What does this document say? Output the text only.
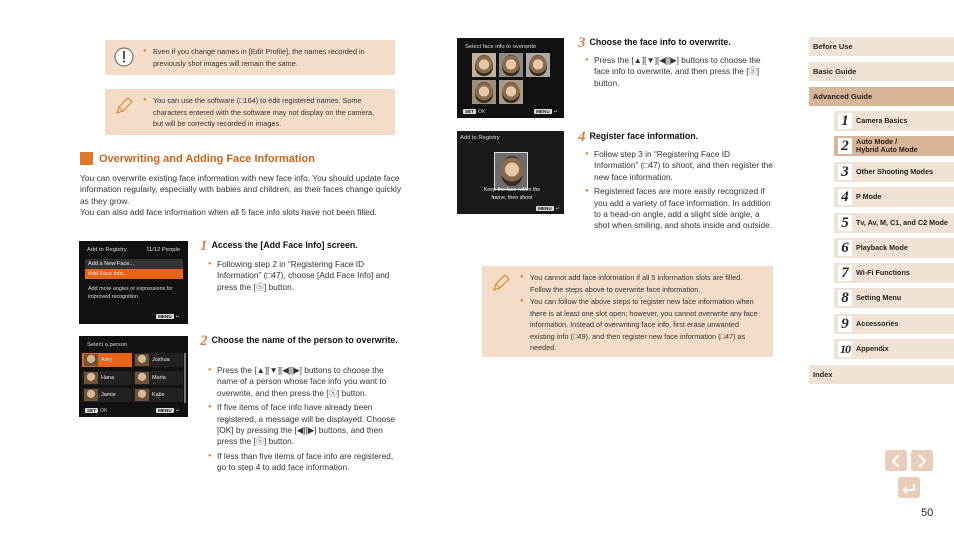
● Even if you change names in [Edit Profile], the names recorded in previously shot images will remain the same.
● You can use the software (□164) to edit registered names. Some characters entered with the software may not display on the camera, but will be correctly recorded in images.
Overwriting and Adding Face Information
You can overwrite existing face information with new face info. You should update face information regularly, especially with babies and children, as their faces change quickly as they grow.
You can also add face information when all 5 face info slots have not been filled.
Add to Registry	11/12 People
Add a New Face...
Add Face Info...
Add more angles or expressions for improved recognition
MENU ↵
Select a person
Amy	Joshua
Hana	Maria
Jamie	Katie
SET OK	MENU ↵
1 Access the [Add Face Info] screen.
● Following step 2 in “Registering Face ID Information” (□47), choose [Add Face Info] and press the [Ⓢ] button.
2 Choose the name of the person to overwrite.
● Press the [▲][▼][◀][▶] buttons to choose the name of a person whose face info you want to overwrite, and then press the [Ⓢ] button.
● If five items of face info have already been registered, a message will be displayed. Choose [OK] by pressing the [◀][▶] buttons, and then press the [Ⓢ] button.
● If less than five items of face info are registered, go to step 4 to add face information.
Select face info to overwrite
SET OK	MENU ↵
Add to Registry
Keep the face within the frame, then shoot
MENU ↵
3 Choose the face info to overwrite.
● Press the [▲][▼][◀][▶] buttons to choose the face info to overwrite, and then press the [Ⓢ] button.
4 Register face information.
● Follow step 3 in “Registering Face ID Information” (□47) to shoot, and then register the new face information.
● Registered faces are more easily recognized if you add a variety of face information. In addition to a head-on angle, add a slight side angle, a shot when smiling, and shots inside and outside.
● You cannot add face information if all 5 information slots are filled. Follow the steps above to overwrite face information.
● You can follow the above steps to register new face information when there is at least one slot open; however, you cannot overwrite any face information. Instead of overwriting face info, first erase unwanted existing info (□49), and then register new face information (□47) as needed.
Before Use
Basic Guide
Advanced Guide
1	Camera Basics
2	Auto Mode /
Hybrid Auto Mode
3	Other Shooting Modes
4	P Mode
5	Tv, Av, M, C1, and C2 Mode
6	Playback Mode
7	Wi-Fi Functions
8	Setting Menu
9	Accessories
10 Appendix
Index
50
